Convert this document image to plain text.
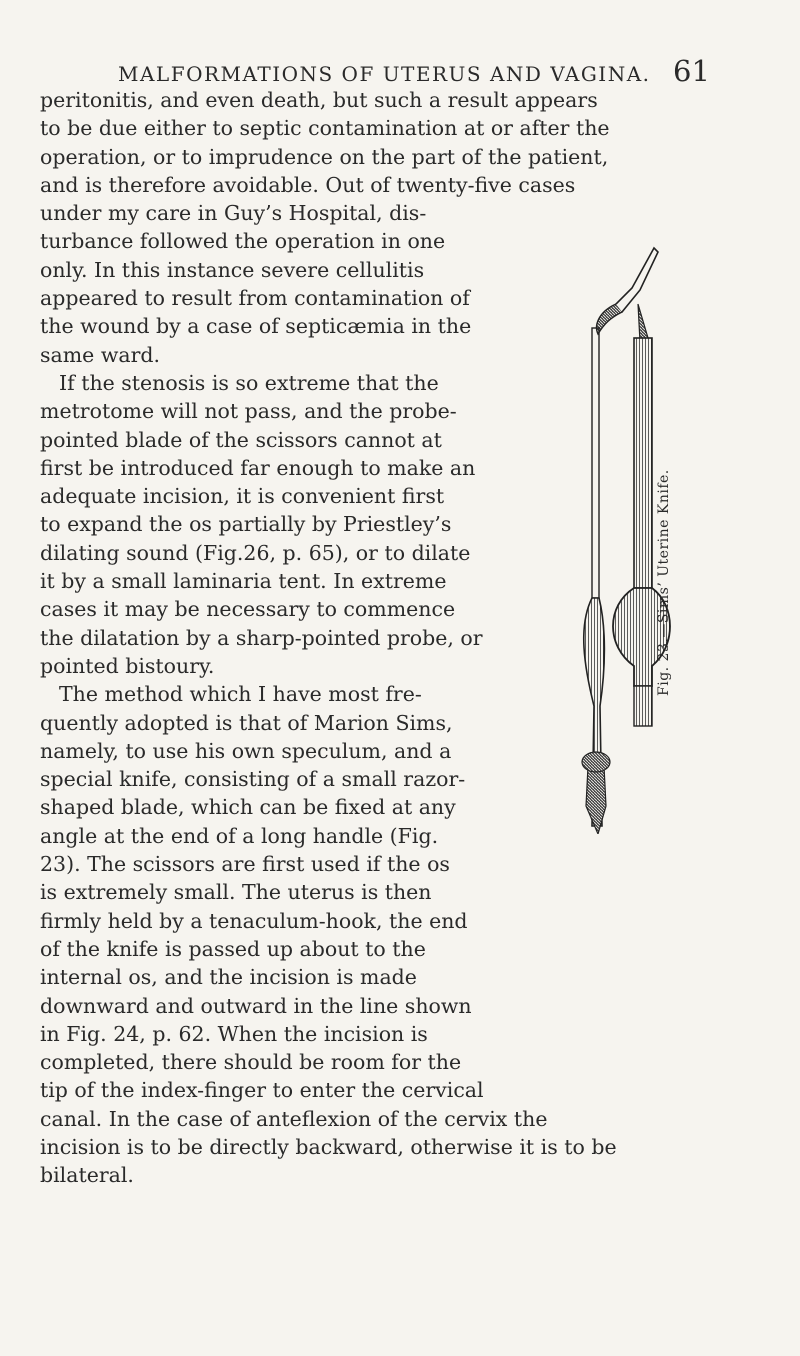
MALFORMATIONS OF UTERUS AND VAGINA. 61
peritonitis, and even death, but such a result appears
to be due either to septic contamination at or after the
operation, or to imprudence on the part of the patient,
and is therefore avoidable. Out of twenty-five cases
under my care in Guy’s Hospital, dis-
turbance followed the operation in one
only. In this instance severe cellulitis
appeared to result from contamination of
the wound by a case of septicæmia in the
same ward.
If the stenosis is so extreme that the
metrotome will not pass, and the probe-
pointed blade of the scissors cannot at
first be introduced far enough to make an
adequate incision, it is convenient first
to expand the os partially by Priestley’s
dilating sound (Fig.26, p. 65), or to dilate
it by a small laminaria tent. In extreme
cases it may be necessary to commence
the dilatation by a sharp-pointed probe, or
pointed bistoury.
The method which I have most fre-
quently adopted is that of Marion Sims,
namely, to use his own speculum, and a
special knife, consisting of a small razor-
shaped blade, which can be fixed at any
angle at the end of a long handle (Fig.
23). The scissors are first used if the os
is extremely small. The uterus is then
firmly held by a tenaculum-hook, the end
of the knife is passed up about to the
internal os, and the incision is made
downward and outward in the line shown
in Fig. 24, p. 62. When the incision is
completed, there should be room for the
tip of the index-finger to enter the cervical
canal. In the case of anteflexion of the cervix the
incision is to be directly backward, otherwise it is to be
bilateral.
Fig. 23.—Sims’ Uterine Knife.
